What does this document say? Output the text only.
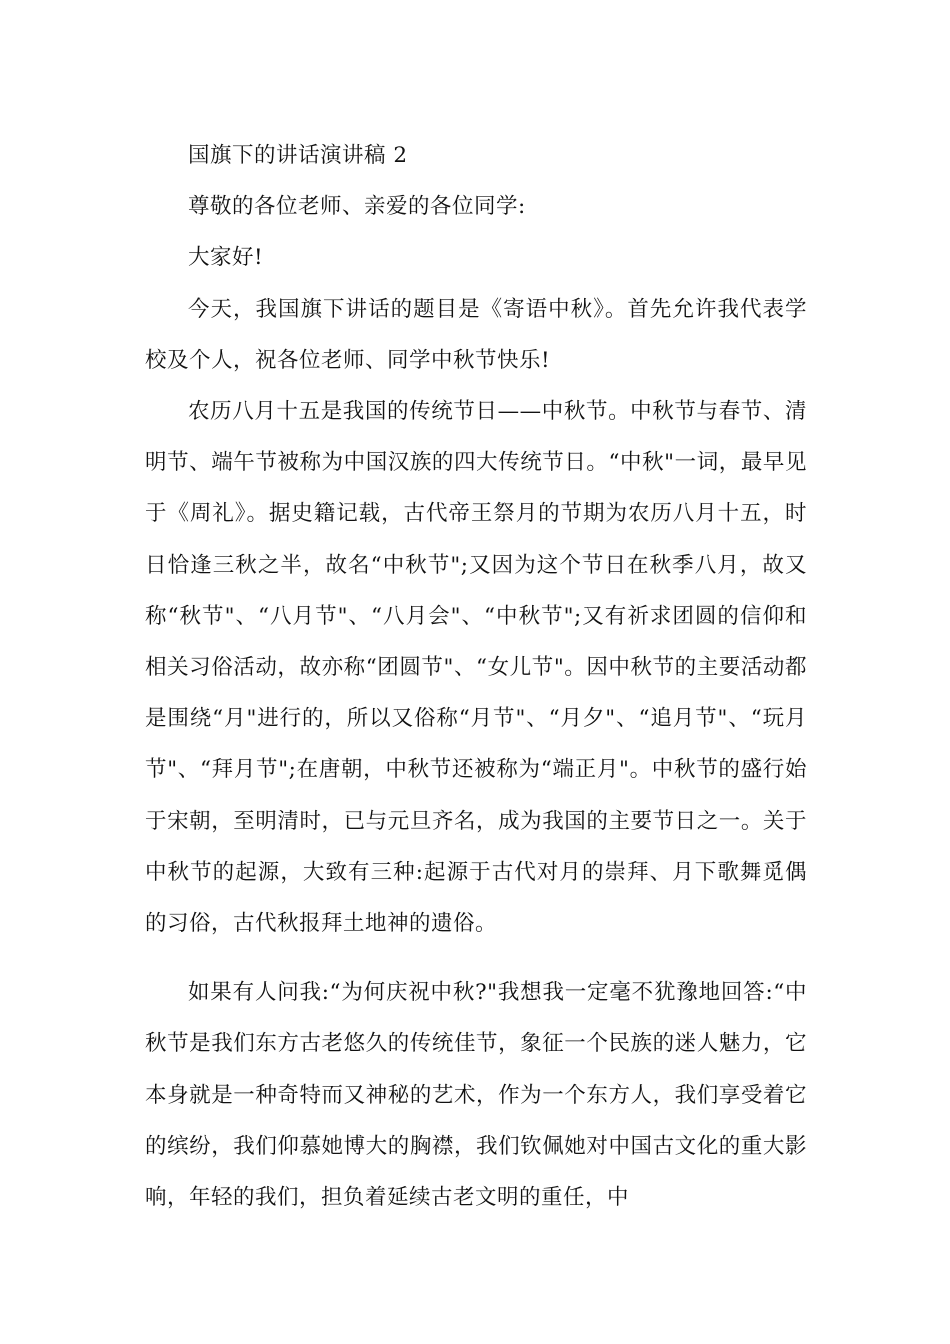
国旗下的讲话演讲稿 2

尊敬的各位老师、亲爱的各位同学:

大家好!

今天，我国旗下讲话的题目是《寄语中秋》。首先允许我代表学校及个人，祝各位老师、同学中秋节快乐!

农历八月十五是我国的传统节日——中秋节。中秋节与春节、清明节、端午节被称为中国汉族的四大传统节日。“中秋"一词，最早见于《周礼》。据史籍记载，古代帝王祭月的节期为农历八月十五，时日恰逢三秋之半，故名“中秋节";又因为这个节日在秋季八月，故又称“秋节"、“八月节"、“八月会"、“中秋节";又有祈求团圆的信仰和相关习俗活动，故亦称“团圆节"、“女儿节"。因中秋节的主要活动都是围绕“月"进行的，所以又俗称“月节"、“月夕"、“追月节"、“玩月节"、“拜月节";在唐朝，中秋节还被称为“端正月"。中秋节的盛行始于宋朝，至明清时，已与元旦齐名，成为我国的主要节日之一。关于中秋节的起源，大致有三种:起源于古代对月的崇拜、月下歌舞觅偶的习俗，古代秋报拜土地神的遗俗。

如果有人问我:“为何庆祝中秋?"我想我一定毫不犹豫地回答:“中秋节是我们东方古老悠久的传统佳节，象征一个民族的迷人魅力，它本身就是一种奇特而又神秘的艺术，作为一个东方人，我们享受着它的缤纷，我们仰慕她博大的胸襟，我们钦佩她对中国古文化的重大影响，年轻的我们，担负着延续古老文明的重任，中
